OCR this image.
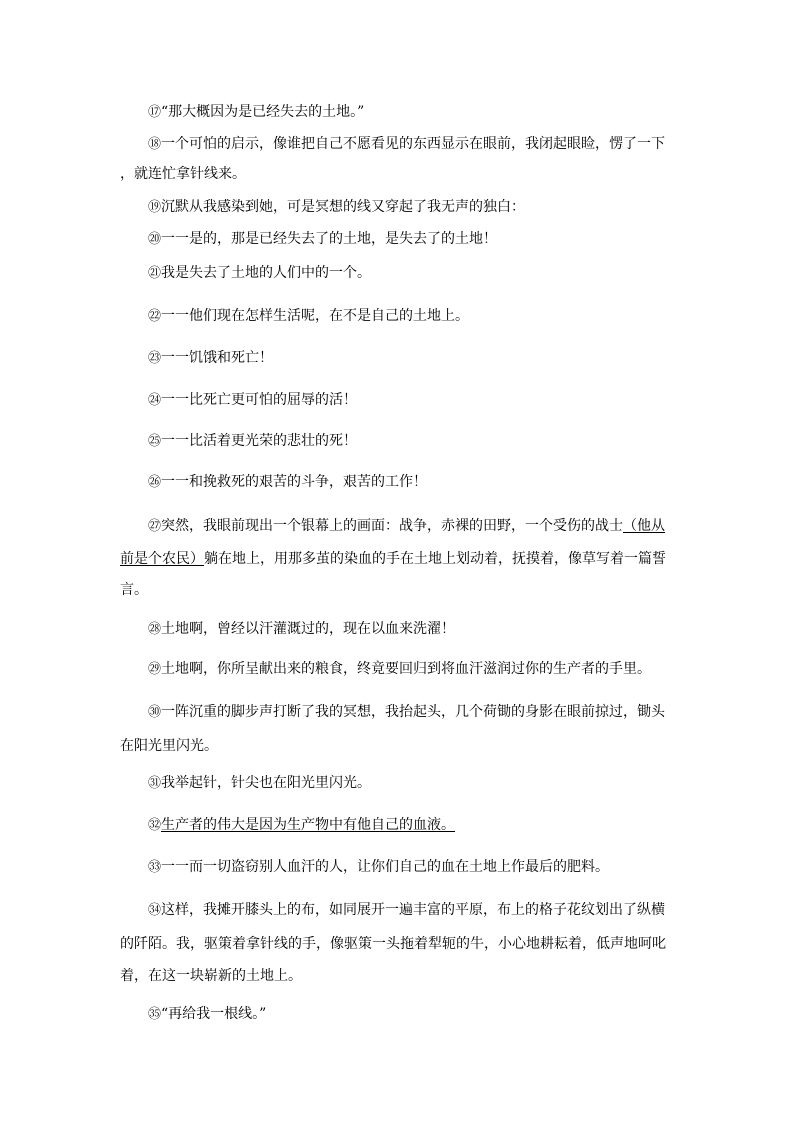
⑰“那大概因为是已经失去的土地。”
⑱一个可怕的启示，像谁把自己不愿看见的东西显示在眼前，我闭起眼睑，愣了一下
，就连忙拿针线来。
⑲沉默从我感染到她，可是冥想的线又穿起了我无声的独白：
⑳一一是的，那是已经失去了的土地，是失去了的土地！
㉑我是失去了土地的人们中的一个。
㉒一一他们现在怎样生活呢，在不是自己的土地上。
㉓一一饥饿和死亡！
㉔一一比死亡更可怕的屈辱的活！
㉕一一比活着更光荣的悲壮的死！
㉖一一和挽救死的艰苦的斗争，艰苦的工作！
㉗突然，我眼前现出一个银幕上的画面：战争，赤裸的田野，一个受伤的战士（他从
前是个农民）躺在地上，用那多茧的染血的手在土地上划动着，抚摸着，像草写着一篇誓
言。
㉘土地啊，曾经以汗灌溉过的，现在以血来洗濯！
㉙土地啊，你所呈献出来的粮食，终竟要回归到将血汗滋润过你的生产者的手里。
㉚一阵沉重的脚步声打断了我的冥想，我抬起头，几个荷锄的身影在眼前掠过，锄头
在阳光里闪光。
㉛我举起针，针尖也在阳光里闪光。
㉜生产者的伟大是因为生产物中有他自己的血液。
㉝一一而一切盗窃别人血汗的人，让你们自己的血在土地上作最后的肥料。
㉞这样，我摊开膝头上的布，如同展开一遍丰富的平原，布上的格子花纹划出了纵横
的阡陌。我，驱策着拿针线的手，像驱策一头拖着犁轭的牛，小心地耕耘着，低声地呵叱
着，在这一块崭新的土地上。
㉟“再给我一根线。”
